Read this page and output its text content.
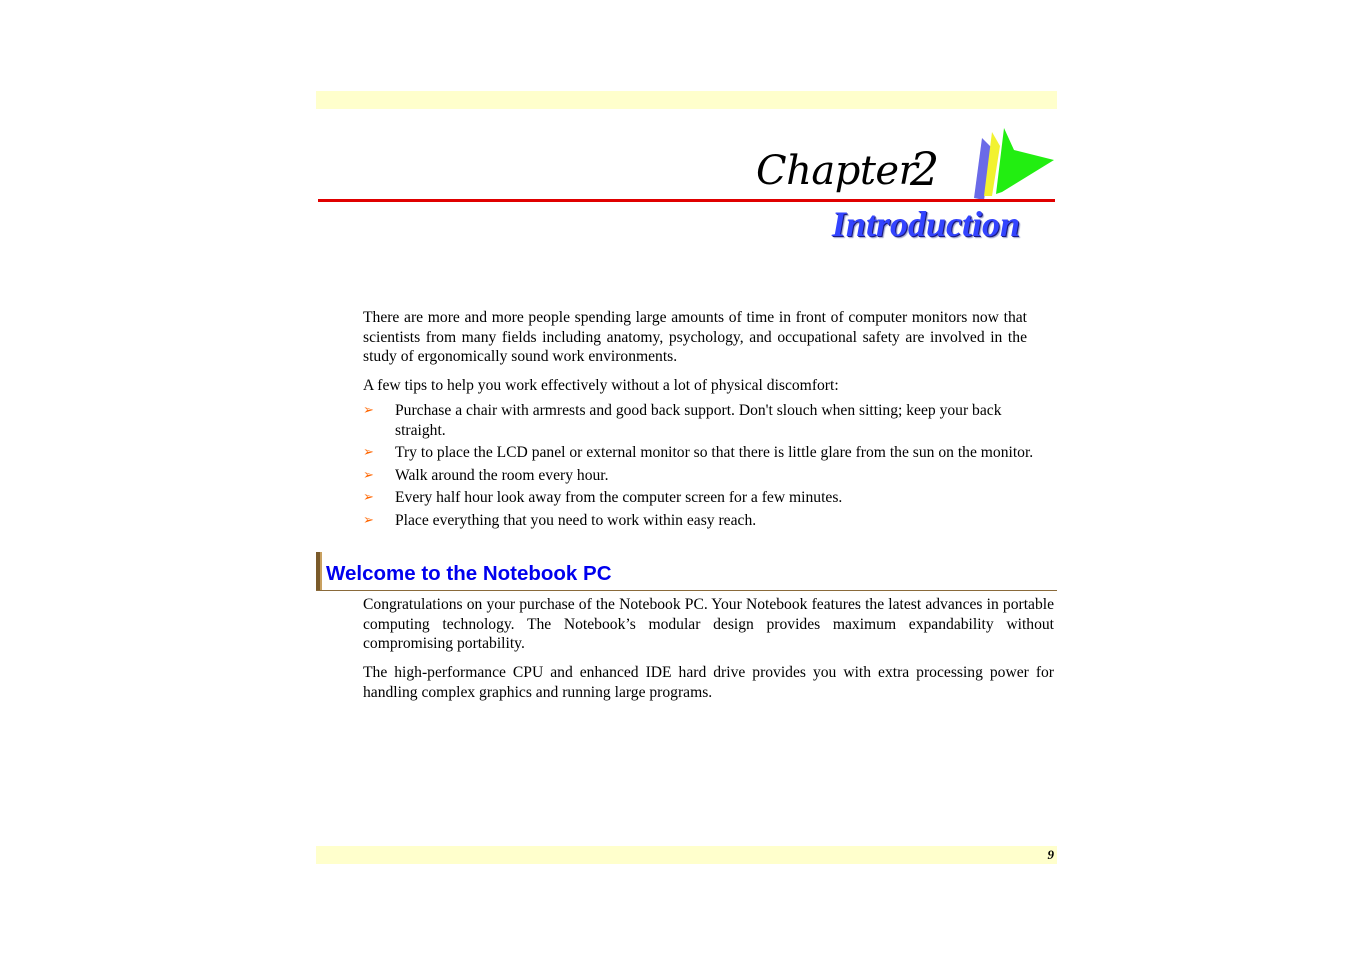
Chapter
2
Introduction

There are more and more people spending large amounts of time in front of computer monitors now that scientists from many fields including anatomy, psychology, and occupational safety are involved in the study of ergonomically sound work environments.

A few tips to help you work effectively without a lot of physical discomfort:

➢ Purchase a chair with armrests and good back support. Don't slouch when sitting; keep your back straight.
➢ Try to place the LCD panel or external monitor so that there is little glare from the sun on the monitor.
➢ Walk around the room every hour.
➢ Every half hour look away from the computer screen for a few minutes.
➢ Place everything that you need to work within easy reach.
Welcome to the Notebook PC

Congratulations on your purchase of the Notebook PC. Your Notebook features the latest advances in portable computing technology. The Notebook’s modular design provides maximum expandability without compromising portability.

The high-performance CPU and enhanced IDE hard drive provides you with extra processing power for handling complex graphics and running large programs.

9
